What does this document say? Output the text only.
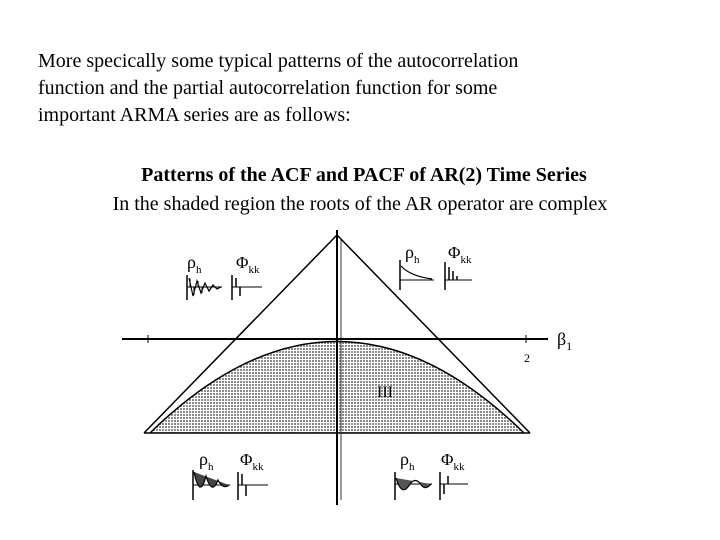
More specically some typical patterns of the autocorrelation
function and the partial autocorrelation function for some
important ARMA series are as follows:
Patterns of the ACF and PACF of AR(2) Time Series
In the shaded region the roots of the AR operator are complex
$\beta_1$
2
III
$\rho_h$ $\Phi_{kk}$
$\rho_h$ $\Phi_{kk}$
$\rho_h$ $\Phi_{kk}$	$\rho_h$ $\Phi_{kk}$
